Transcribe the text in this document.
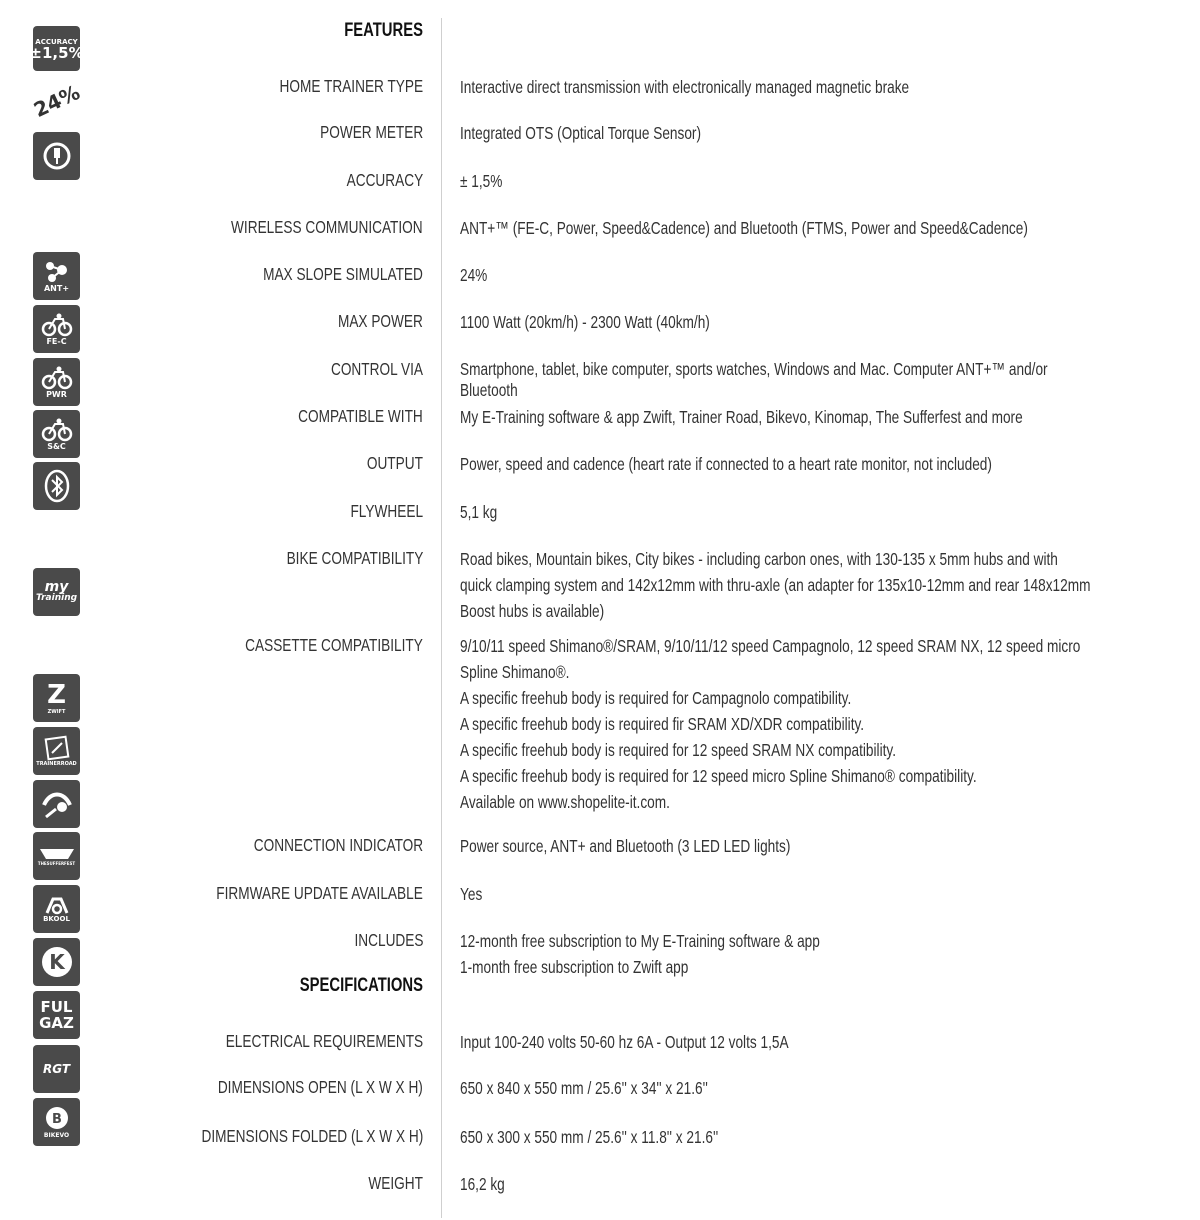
ACCURACY
±1,5%
24%
ANT+
FE-C
PWR
S&C
my
Training
Z
ZWIFT
TRAINERROAD
THESUFFERFEST
BKOOL
K
FUL
GAZ
RGT
B
BIKEVO
FEATURES
SPECIFICATIONS
HOME TRAINER TYPE Interactive direct transmission with electronically managed magnetic brake
POWER METER Integrated OTS (Optical Torque Sensor)
ACCURACY ± 1,5%
WIRELESS COMMUNICATION ANT+™ (FE-C, Power, Speed&Cadence) and Bluetooth (FTMS, Power and Speed&Cadence)
MAX SLOPE SIMULATED 24%
MAX POWER 1100 Watt (20km/h) - 2300 Watt (40km/h)
CONTROL VIA Smartphone, tablet, bike computer, sports watches, Windows and Mac. Computer ANT+™ and/or
Bluetooth
COMPATIBLE WITH My E-Training software & app Zwift, Trainer Road, Bikevo, Kinomap, The Sufferfest and more
OUTPUT Power, speed and cadence (heart rate if connected to a heart rate monitor, not included)
FLYWHEEL 5,1 kg
BIKE COMPATIBILITY Road bikes, Mountain bikes, City bikes - including carbon ones, with 130-135 x 5mm hubs and with
quick clamping system and 142x12mm with thru-axle (an adapter for 135x10-12mm and rear 148x12mm
Boost hubs is available)
CASSETTE COMPATIBILITY 9/10/11 speed Shimano®/SRAM, 9/10/11/12 speed Campagnolo, 12 speed SRAM NX, 12 speed micro
Spline Shimano®.
A specific freehub body is required for Campagnolo compatibility.
A specific freehub body is required fir SRAM XD/XDR compatibility.
A specific freehub body is required for 12 speed SRAM NX compatibility.
A specific freehub body is required for 12 speed micro Spline Shimano® compatibility.
Available on www.shopelite-it.com.
CONNECTION INDICATOR Power source, ANT+ and Bluetooth (3 LED LED lights)
FIRMWARE UPDATE AVAILABLE Yes
INCLUDES 12-month free subscription to My E-Training software & app
1-month free subscription to Zwift app
ELECTRICAL REQUIREMENTS Input 100-240 volts 50-60 hz 6A - Output 12 volts 1,5A
DIMENSIONS OPEN (L X W X H) 650 x 840 x 550 mm / 25.6'' x 34'' x 21.6''
DIMENSIONS FOLDED (L X W X H) 650 x 300 x 550 mm / 25.6'' x 11.8'' x 21.6''
WEIGHT 16,2 kg
